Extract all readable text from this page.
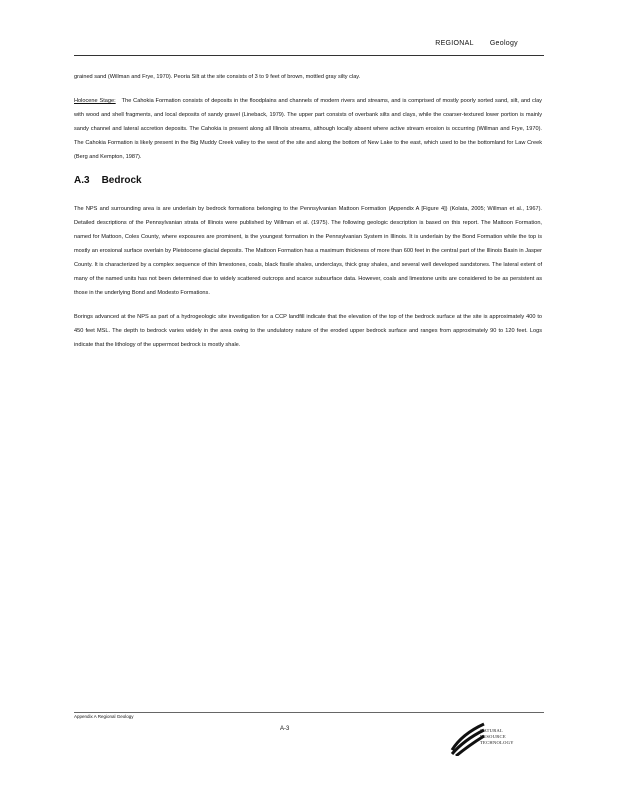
REGIONAL Geology

grained sand (Willman and Frye, 1970). Peoria Silt at the site consists of 3 to 9 feet of brown, mottled gray silty clay.

Holocene Stage: The Cahokia Formation consists of deposits in the floodplains and channels of modern rivers and streams, and is comprised of mostly poorly sorted sand, silt, and clay with wood and shell fragments, and local deposits of sandy gravel (Lineback, 1979). The upper part consists of overbank silts and clays, while the coarser-textured lower portion is mainly sandy channel and lateral accretion deposits. The Cahokia is present along all Illinois streams, although locally absent where active stream erosion is occurring (Willman and Frye, 1970). The Cahokia Formation is likely present in the Big Muddy Creek valley to the west of the site and along the bottom of New Lake to the east, which used to be the bottomland for Law Creek (Berg and Kempton, 1987).

A.3 Bedrock

The NPS and surrounding area is are underlain by bedrock formations belonging to the Pennsylvanian Mattoon Formation (Appendix A [Figure 4]) (Kolata, 2005; Willman et al., 1967). Detailed descriptions of the Pennsylvanian strata of Illinois were published by Willman et al. (1975). The following geologic description is based on this report. The Mattoon Formation, named for Mattoon, Coles County, where exposures are prominent, is the youngest formation in the Pennsylvanian System in Illinois. It is underlain by the Bond Formation while the top is mostly an erosional surface overlain by Pleistocene glacial deposits. The Mattoon Formation has a maximum thickness of more than 600 feet in the central part of the Illinois Basin in Jasper County. It is characterized by a complex sequence of thin limestones, coals, black fissile shales, underclays, thick gray shales, and several well developed sandstones. The lateral extent of many of the named units has not been determined due to widely scattered outcrops and scarce subsurface data. However, coals and limestone units are considered to be as persistent as those in the underlying Bond and Modesto Formations.

Borings advanced at the NPS as part of a hydrogeologic site investigation for a CCP landfill indicate that the elevation of the top of the bedrock surface at the site is approximately 400 to 450 feet MSL. The depth to bedrock varies widely in the area owing to the undulatory nature of the eroded upper bedrock surface and ranges from approximately 90 to 120 feet. Logs indicate that the lithology of the uppermost bedrock is mostly shale.

Appendix A Regional Geology
A-3	NATURAL
RESOURCE
TECHNOLOGY
